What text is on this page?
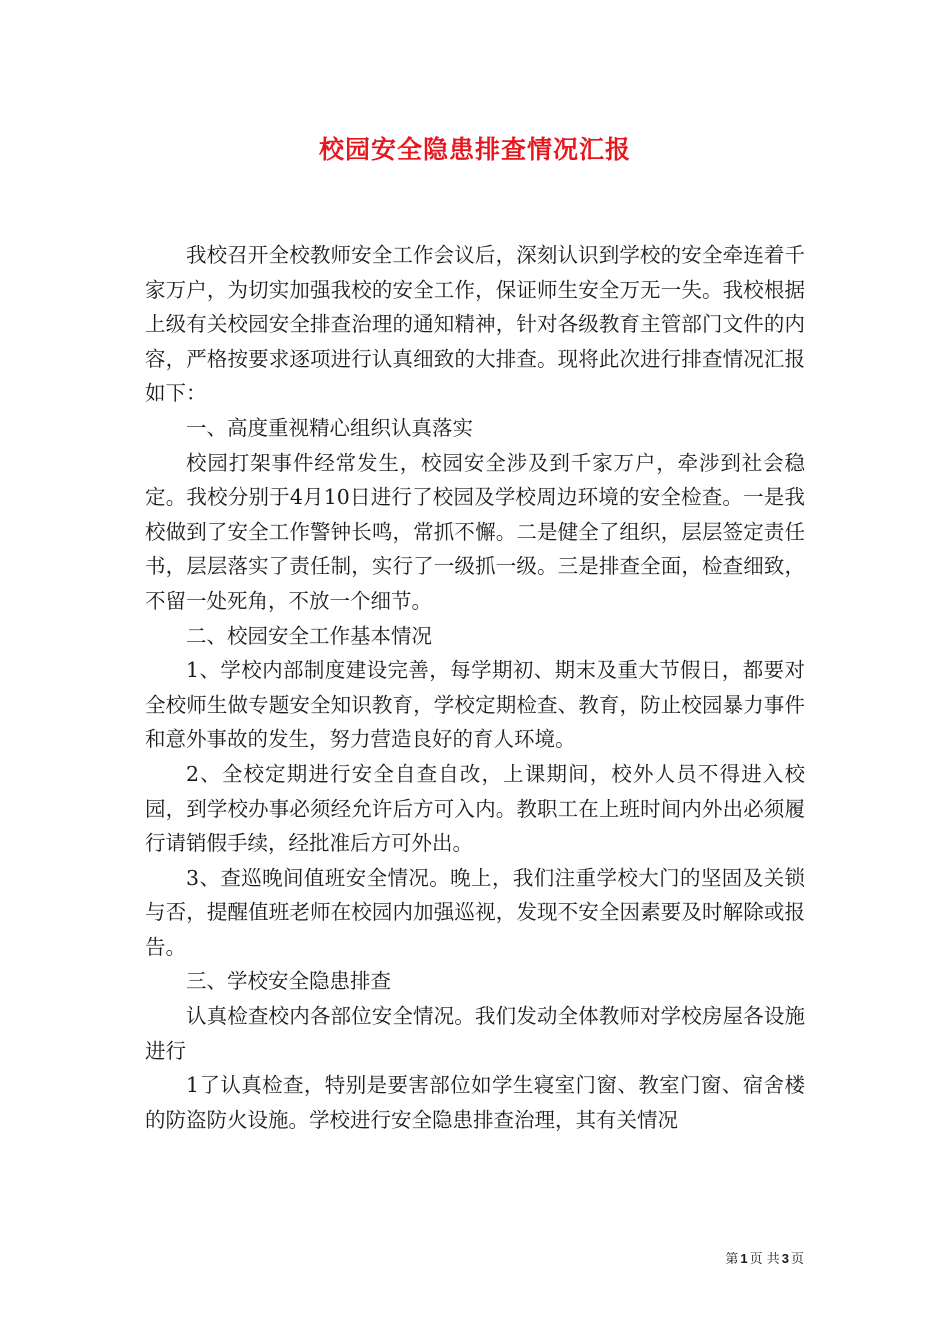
校园安全隐患排查情况汇报

我校召开全校教师安全工作会议后，深刻认识到学校的安全牵连着千家万户，为切实加强我校的安全工作，保证师生安全万无一失。我校根据上级有关校园安全排查治理的通知精神，针对各级教育主管部门文件的内容，严格按要求逐项进行认真细致的大排查。现将此次进行排查情况汇报如下：

一、高度重视精心组织认真落实

校园打架事件经常发生，校园安全涉及到千家万户，牵涉到社会稳定。我校分别于4月10日进行了校园及学校周边环境的安全检查。一是我校做到了安全工作警钟长鸣，常抓不懈。二是健全了组织，层层签定责任书，层层落实了责任制，实行了一级抓一级。三是排查全面，检查细致，不留一处死角，不放一个细节。

二、校园安全工作基本情况

1、学校内部制度建设完善，每学期初、期末及重大节假日，都要对全校师生做专题安全知识教育，学校定期检查、教育，防止校园暴力事件和意外事故的发生，努力营造良好的育人环境。

2、全校定期进行安全自查自改，上课期间，校外人员不得进入校园，到学校办事必须经允许后方可入内。教职工在上班时间内外出必须履行请销假手续，经批准后方可外出。

3、查巡晚间值班安全情况。晚上，我们注重学校大门的坚固及关锁与否，提醒值班老师在校园内加强巡视，发现不安全因素要及时解除或报告。

三、学校安全隐患排查

认真检查校内各部位安全情况。我们发动全体教师对学校房屋各设施进行

1了认真检查，特别是要害部位如学生寝室门窗、教室门窗、宿舍楼的防盗防火设施。学校进行安全隐患排查治理，其有关情况

第 1 页 共 3 页
